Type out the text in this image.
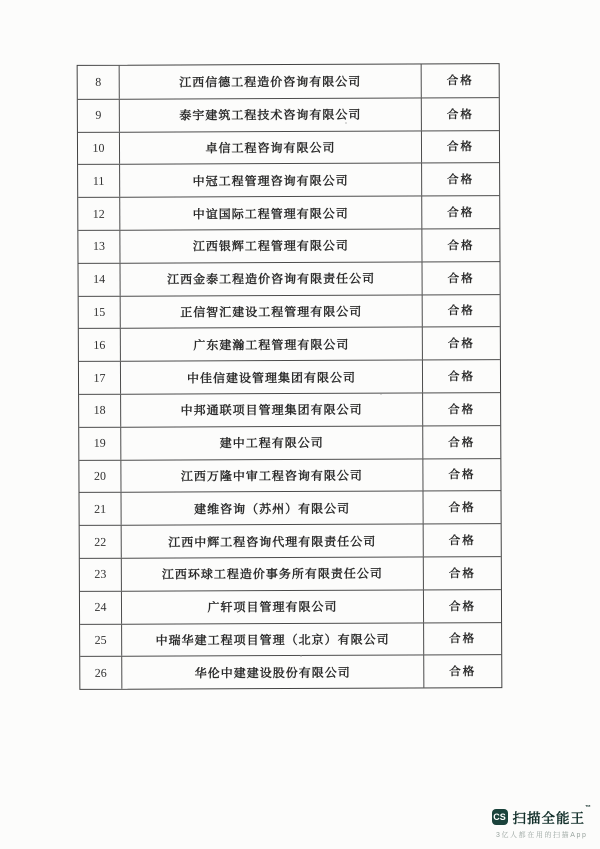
8	江西信德工程造价咨询有限公司	合格
9	泰宇建筑工程技术咨询有限公司	合格
10	卓信工程咨询有限公司	合格
11	中冠工程管理咨询有限公司	合格
12	中谊国际工程管理有限公司	合格
13	江西银辉工程管理有限公司	合格
14	江西金泰工程造价咨询有限责任公司	合格
15	正信智汇建设工程管理有限公司	合格
16	广东建瀚工程管理有限公司	合格
17	中佳信建设管理集团有限公司	合格
18	中邦通联项目管理集团有限公司	合格
19	建中工程有限公司	合格
20	江西万隆中审工程咨询有限公司	合格
21	建维咨询（苏州）有限公司	合格
22	江西中辉工程咨询代理有限责任公司	合格
23	江西环球工程造价事务所有限责任公司	合格
24	广轩项目管理有限公司	合格
25	中瑞华建工程项目管理（北京）有限公司	合格
26	华伦中建建设股份有限公司	合格
CS 扫描全能王™
3亿人都在用的扫描App
